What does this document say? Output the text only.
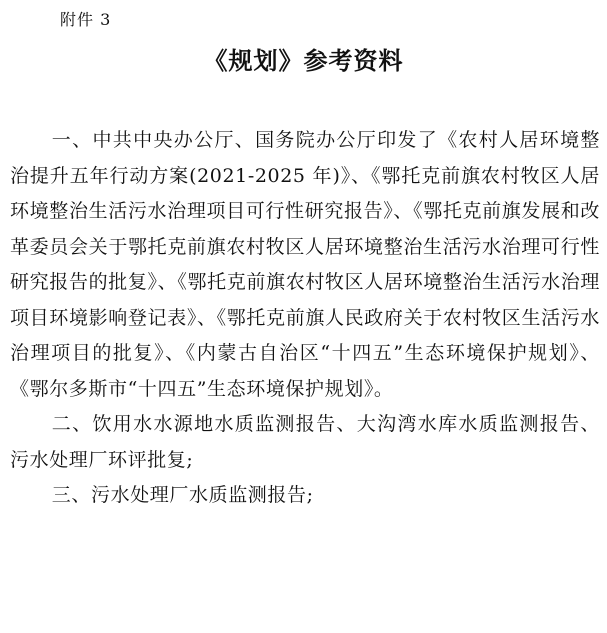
附件 3
《规划》参考资料

一、中共中央办公厅、国务院办公厅印发了《农村人居环境整治提升五年行动方案(2021-2025 年)》、《鄂托克前旗农村牧区人居环境整治生活污水治理项目可行性研究报告》、《鄂托克前旗发展和改革委员会关于鄂托克前旗农村牧区人居环境整治生活污水治理可行性研究报告的批复》、《鄂托克前旗农村牧区人居环境整治生活污水治理项目环境影响登记表》、《鄂托克前旗人民政府关于农村牧区生活污水治理项目的批复》、《内蒙古自治区“十四五”生态环境保护规划》、《鄂尔多斯市“十四五”生态环境保护规划》。

二、饮用水水源地水质监测报告、大沟湾水库水质监测报告、污水处理厂环评批复;

三、污水处理厂水质监测报告;
